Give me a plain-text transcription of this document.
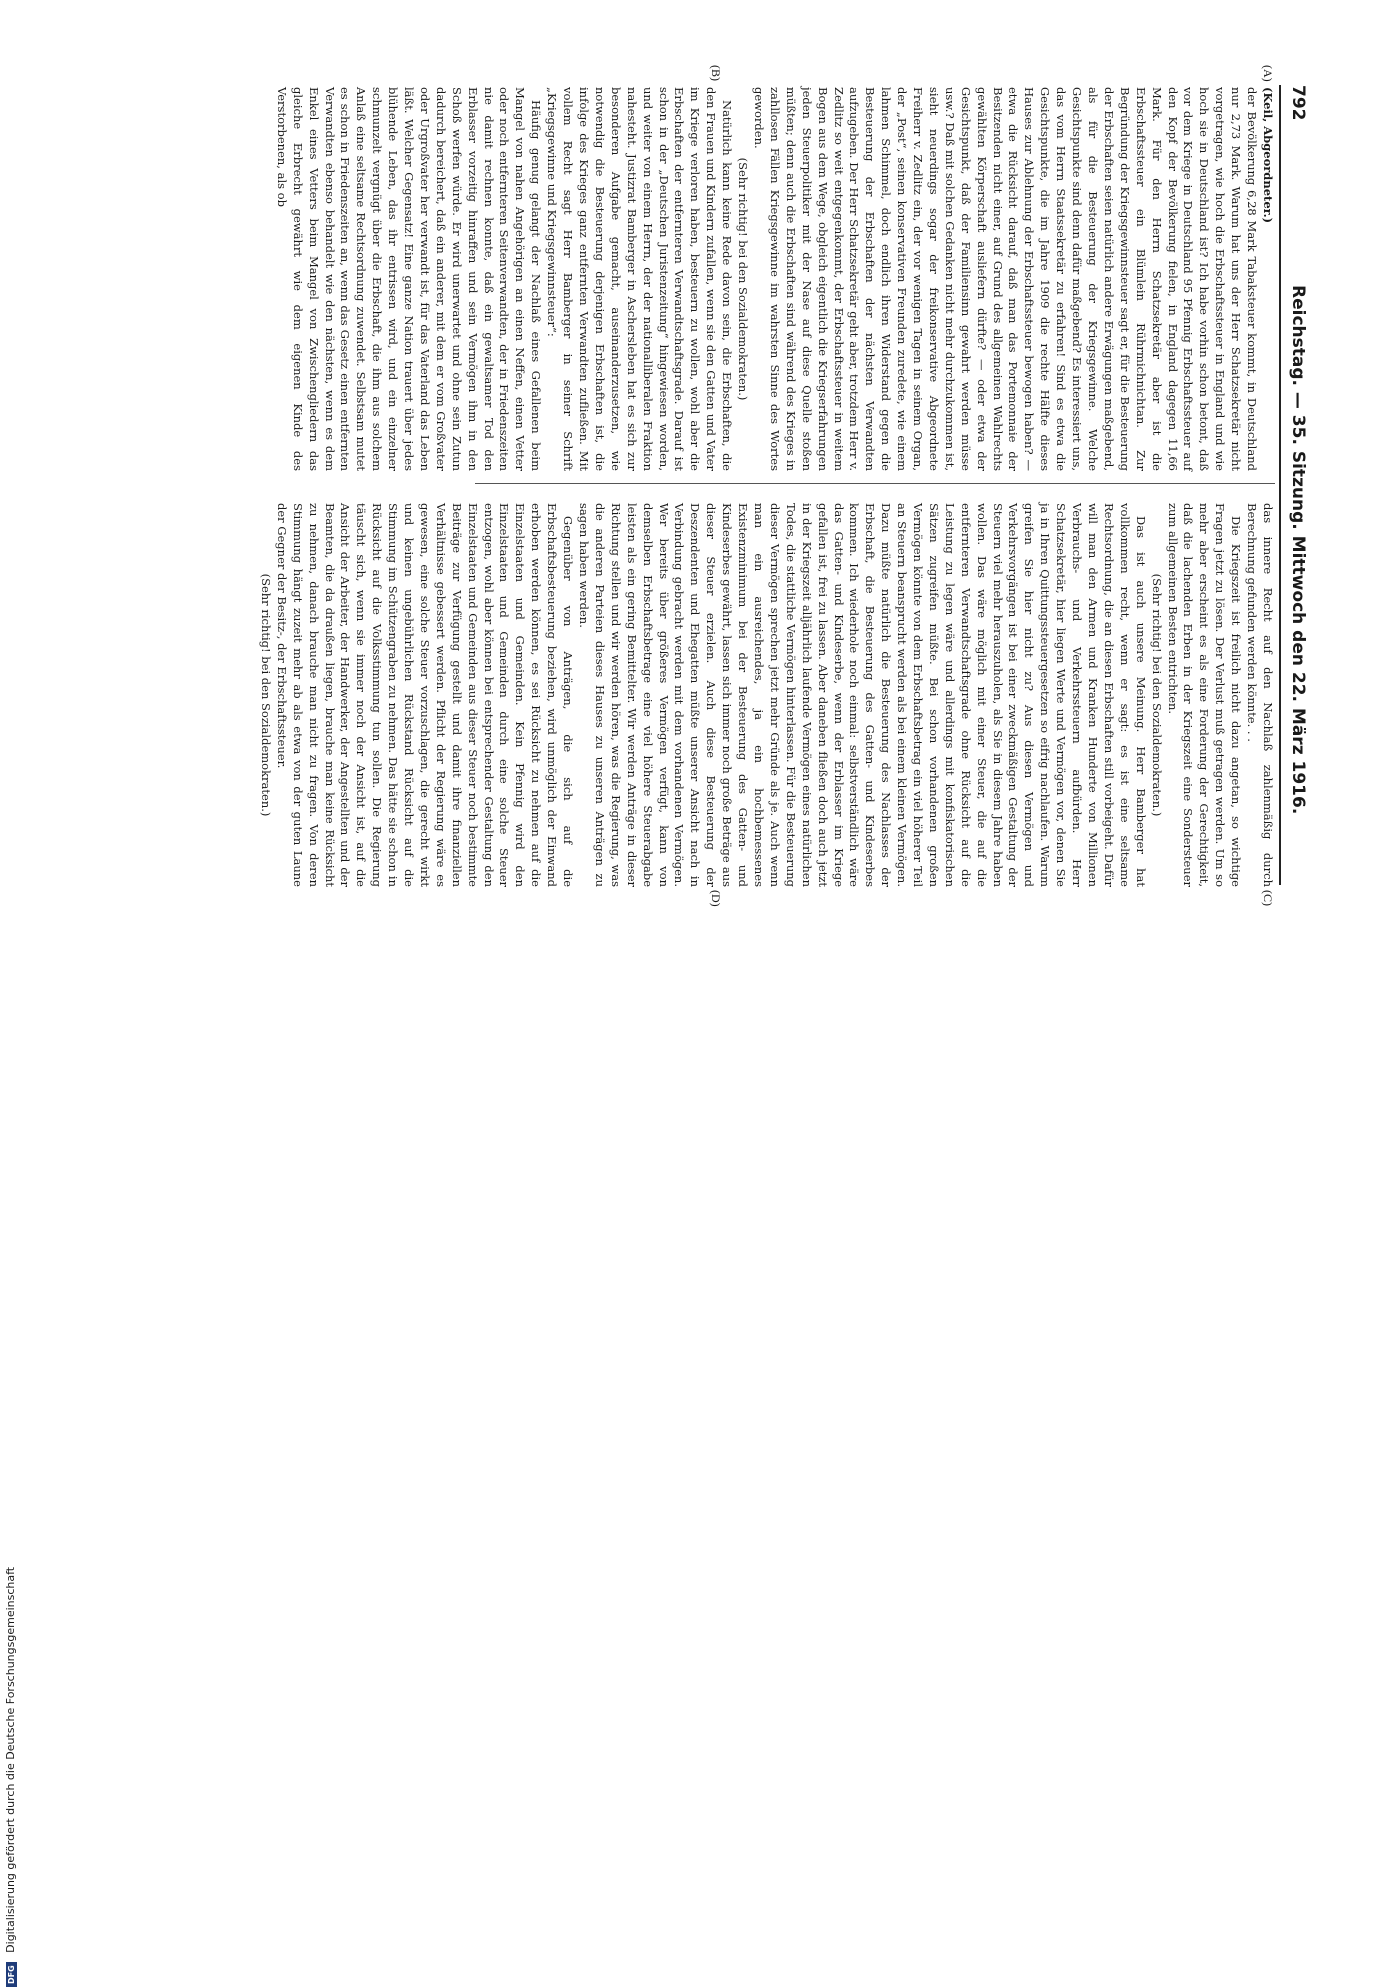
792
Reichstag. — 35. Sitzung. Mittwoch den 22. März 1916.
(A)
(B)
(C)
(D)

(Keil, Abgeordneter.)

der Bevölkerung 6,28 Mark Tabaksteuer kommt, in Deutschland nur 2,73 Mark. Warum hat uns der Herr Schatzsekretär nicht vorgetragen, wie hoch die Erbschaftssteuer in England und wie hoch sie in Deutschland ist? Ich habe vorhin schon betont, daß vor dem Kriege in Deutschland 95 Pfennig Erbschaftssteuer auf den Kopf der Bevölkerung fielen, in England dagegen 11,66 Mark. Für den Herrn Schatzsekretär aber ist die Erbschaftssteuer ein Blümlein Rührmichnichtan. Zur Begründung der Kriegsgewinnsteuer sagt er, für die Besteuerung der Erbschaften seien natürlich andere Erwägungen maßgebend, als für die Besteuerung der Kriegsgewinne. Welche Gesichtspunkte sind denn dafür maßgebend? Es interessiert uns, das vom Herrn Staatssekretär zu erfahren! Sind es etwa die Gesichtspunkte, die im Jahre 1909 die rechte Hälfte dieses Hauses zur Ablehnung der Erbschaftssteuer bewogen haben? — etwa die Rücksicht darauf, daß man das Portemonnaie der Besitzenden nicht einer, auf Grund des allgemeinen Wahlrechts gewählten Körperschaft ausliefern dürfte? — oder etwa der Gesichtspunkt, daß der Familiensinn gewahrt werden müsse usw.? Daß mit solchen Gedanken nicht mehr durchzukommen ist, sieht neuerdings sogar der freikonservative Abgeordnete Freiherr v. Zedlitz ein, der vor wenigen Tagen in seinem Organ, der „Post“, seinen konservativen Freunden zuredete, wie einem lahmen Schimmel, doch endlich ihren Widerstand gegen die Besteuerung der Erbschaften der nächsten Verwandten aufzugeben. Der Herr Schatzsekretär geht aber, trotzdem Herr v. Zedlitz so weit entgegenkommt, der Erbschaftssteuer in weitem Bogen aus dem Wege, obgleich eigentlich die Kriegserfahrungen jeden Steuerpolitiker mit der Nase auf diese Quelle stoßen müßten; denn auch die Erbschaften sind während des Krieges in zahllosen Fällen Kriegsgewinne im wahrsten Sinne des Wortes geworden.

(Sehr richtig! bei den Sozialdemokraten.)

Natürlich kann keine Rede davon sein, die Erbschaften, die den Frauen und Kindern zufallen, wenn sie den Gatten und Vater im Kriege verloren haben, besteuern zu wollen, wohl aber die Erbschaften der entfernteren Verwandtschaftsgrade. Darauf ist schon in der „Deutschen Juristenzeitung“ hingewiesen worden, und weiter von einem Herrn, der der nationalliberalen Fraktion nahesteht. Justizrat Bamberger in Aschersleben hat es sich zur besonderen Aufgabe gemacht, auseinanderzusetzen, wie notwendig die Besteuerung derjenigen Erbschaften ist, die infolge des Krieges ganz entfernten Verwandten zufließen. Mit vollem Recht sagt Herr Bamberger in seiner Schrift „Kriegsgewinne und Kriegsgewinnsteuer“:

Häufig genug gelangt der Nachlaß eines Gefallenen beim Mangel von nahen Angehörigen an einen Neffen, einen Vetter oder noch entfernteren Seitenverwandten, der in Friedenszeiten nie damit rechnen konnte, daß ein gewaltsamer Tod den Erblasser vorzeitig hinraffen und sein Vermögen ihm in den Schoß werfen würde. Er wird unerwartet und ohne sein Zutun dadurch bereichert, daß ein anderer, mit dem er vom Großvater oder Urgroßvater her verwandt ist, für das Vaterland das Leben läßt. Welcher Gegensatz! Eine ganze Nation trauert über jedes blühende Leben, das ihr entrissen wird, und ein einzelner schmunzelt vergnügt über die Erbschaft, die ihm aus solchem Anlaß eine seltsame Rechtsordnung zuwendet. Selbstsam mutet es schon in Friedenszeiten an, wenn das Gesetz einen entfernten Verwandten ebenso behandelt wie den nächsten, wenn es dem Enkel eines Vetters beim Mangel von Zwischengliedern das gleiche Erbrecht gewährt wie dem eigenen Kinde des Verstorbenen, als ob

das innere Recht auf den Nachlaß zahlenmäßig durch Berechnung gefunden werden könnte. . .

Die Kriegszeit ist freilich nicht dazu angetan, so wichtige Fragen jetzt zu lösen. Der Verlust muß getragen werden. Um so mehr aber erscheint es als eine Forderung der Gerechtigkeit, daß die lachenden Erben in der Kriegszeit eine Sondersteuer zum allgemeinen Besten entrichten.

(Sehr richtig! bei den Sozialdemokraten.)

Das ist auch unsere Meinung. Herr Bamberger hat vollkommen recht, wenn er sagt: es ist eine seltsame Rechtsordnung, die an diesen Erbschaften still vorbeigeht. Dafür will man den Armen und Kranken Hunderte von Millionen Verbrauchs- und Verkehrssteuern aufbürden. Herr Schatzsekretär, hier liegen Werte und Vermögen vor, denen Sie ja in Ihren Quittungssteuergesetzen so eifrig nachlaufen. Warum greifen Sie hier nicht zu? Aus diesen Vermögen und Verkehrsvorgängen ist bei einer zweckmäßigen Gestaltung der Steuern viel mehr herauszuholen, als Sie in diesem Jahre haben wollen. Das wäre möglich mit einer Steuer, die auf die entfernteren Verwandtschaftsgrade ohne Rücksicht auf die Leistung zu legen wäre und allerdings mit konfiskatorischen Sätzen zugreifen müßte. Bei schon vorhandenen großen Vermögen könnte von dem Erbschaftsbetrag ein viel höherer Teil an Steuern beansprucht werden als bei einem kleinen Vermögen. Dazu müßte natürlich die Besteuerung des Nachlasses der Erbschaft, die Besteuerung des Gatten- und Kindeserbes kommen. Ich wiederhole noch einmal: selbstverständlich wäre das Gatten- und Kindeserbe, wenn der Erblasser im Kriege gefallen ist, frei zu lassen. Aber daneben fließen doch auch jetzt in der Kriegszeit alljährlich laufende Vermögen eines natürlichen Todes, die stattliche Vermögen hinterlassen. Für die Besteuerung dieser Vermögen sprechen jetzt mehr Gründe als je. Auch wenn man ein ausreichendes, ja ein hochbemessenes Existenzminimum bei der Besteuerung des Gatten- und Kindeserbes gewährt, lassen sich immer noch große Beträge aus dieser Steuer erzielen. Auch diese Besteuerung der Deszendenten und Ehegatten müßte unserer Ansicht nach in Verbindung gebracht werden mit dem vorhandenen Vermögen. Wer bereits über größeres Vermögen verfügt, kann von demselben Erbschaftsbetrage eine viel höhere Steuerabgabe leisten als ein gering Bemittelter. Wir werden Anträge in dieser Richtung stellen und wir werden hören, was die Regierung, was die anderen Parteien dieses Hauses zu unseren Anträgen zu sagen haben werden.

Gegenüber von Anträgen, die sich auf die Erbschaftsbesteuerung beziehen, wird unmöglich der Einwand erhoben werden können, es sei Rücksicht zu nehmen auf die Einzelstaaten und Gemeinden. Kein Pfennig wird den Einzelstaaten und Gemeinden durch eine solche Steuer entzogen, wohl aber können bei entsprechender Gestaltung den Einzelstaaten und Gemeinden aus dieser Steuer noch bestimmte Beiträge zur Verfügung gestellt und damit ihre finanziellen Verhältnisse gebessert werden. Pflicht der Regierung wäre es gewesen, eine solche Steuer vorzuschlagen, die gerecht wirkt und keinen ungebührlichen Rückstand Rücksicht auf die Stimmung im Schützengraben zu nehmen. Das hätte sie schon in Rücksicht auf die Volksstimmung tun sollen. Die Regierung täuscht sich, wenn sie immer noch der Ansicht ist, auf die Ansicht der Arbeiter, der Handwerker, der Angestellten und der Beamten, die da draußen liegen, brauche man keine Rücksicht zu nehmen, danach brauche man nicht zu fragen. Von deren Stimmung hängt zuzeit mehr ab als etwa von der guten Laune der Gegner der Besitz-, der Erbschaftssteuer.

(Sehr richtig! bei den Sozialdemokraten.)

DFG Digitalisierung gefördert durch die Deutsche Forschungsgemeinschaft
